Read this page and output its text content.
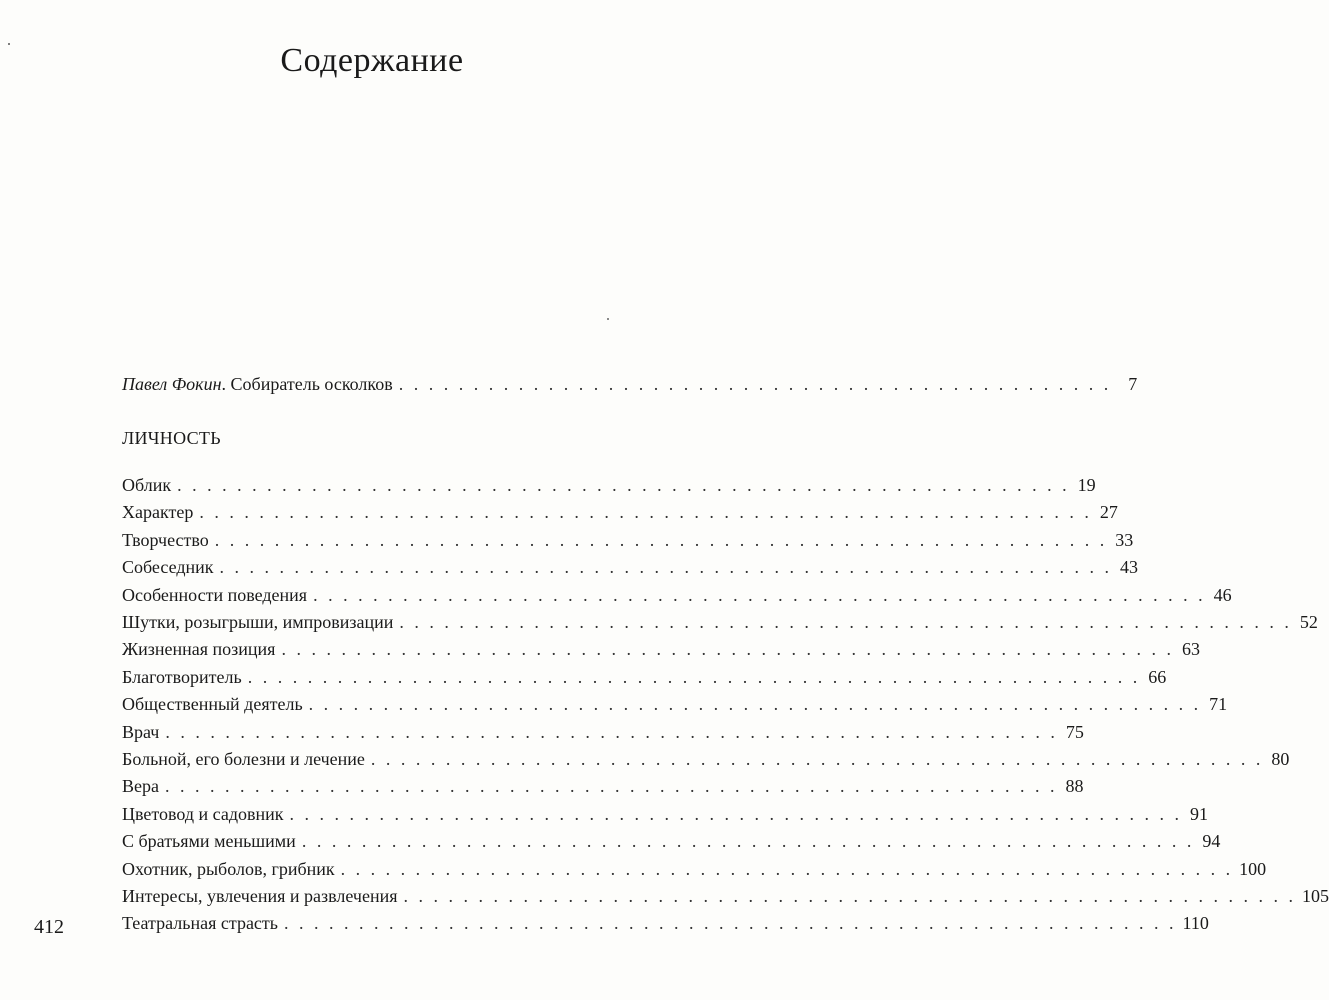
Содержание
Павел Фокин. Собиратель осколков . . . . . . . . . . . . . . . . . . . . . . . . . . . . . . . . . . . . . . . . . . . . . . . . 7
ЛИЧНОСТЬ
Облик . . . . . . . . . . . . . . . . . . . . . . . . . . . . . . . . . . . . . . . . . . . . . . . . . . . . . . . . . . . . 19
Характер . . . . . . . . . . . . . . . . . . . . . . . . . . . . . . . . . . . . . . . . . . . . . . . . . . . . . . . . . . . . 27
Творчество . . . . . . . . . . . . . . . . . . . . . . . . . . . . . . . . . . . . . . . . . . . . . . . . . . . . . . . . . . . . 33
Собеседник . . . . . . . . . . . . . . . . . . . . . . . . . . . . . . . . . . . . . . . . . . . . . . . . . . . . . . . . . . . . 43
Особенности поведения . . . . . . . . . . . . . . . . . . . . . . . . . . . . . . . . . . . . . . . . . . . . . . . . . . . . . . . . . . . . 46
Шутки, розыгрыши, импровизации . . . . . . . . . . . . . . . . . . . . . . . . . . . . . . . . . . . . . . . . . . . . . . . . . . . . . . . . . . . . 52
Жизненная позиция . . . . . . . . . . . . . . . . . . . . . . . . . . . . . . . . . . . . . . . . . . . . . . . . . . . . . . . . . . . . 63
Благотворитель . . . . . . . . . . . . . . . . . . . . . . . . . . . . . . . . . . . . . . . . . . . . . . . . . . . . . . . . . . . . 66
Общественный деятель . . . . . . . . . . . . . . . . . . . . . . . . . . . . . . . . . . . . . . . . . . . . . . . . . . . . . . . . . . . . 71
Врач . . . . . . . . . . . . . . . . . . . . . . . . . . . . . . . . . . . . . . . . . . . . . . . . . . . . . . . . . . . . 75
Больной, его болезни и лечение . . . . . . . . . . . . . . . . . . . . . . . . . . . . . . . . . . . . . . . . . . . . . . . . . . . . . . . . . . . . 80
Вера . . . . . . . . . . . . . . . . . . . . . . . . . . . . . . . . . . . . . . . . . . . . . . . . . . . . . . . . . . . . 88
Цветовод и садовник . . . . . . . . . . . . . . . . . . . . . . . . . . . . . . . . . . . . . . . . . . . . . . . . . . . . . . . . . . . . 91
С братьями меньшими . . . . . . . . . . . . . . . . . . . . . . . . . . . . . . . . . . . . . . . . . . . . . . . . . . . . . . . . . . . . 94
Охотник, рыболов, грибник . . . . . . . . . . . . . . . . . . . . . . . . . . . . . . . . . . . . . . . . . . . . . . . . . . . . . . . . . . . . 100
Интересы, увлечения и развлечения . . . . . . . . . . . . . . . . . . . . . . . . . . . . . . . . . . . . . . . . . . . . . . . . . . . . . . . . . . . . 105
Театральная страсть . . . . . . . . . . . . . . . . . . . . . . . . . . . . . . . . . . . . . . . . . . . . . . . . . . . . . . . . . . . . 110
412
